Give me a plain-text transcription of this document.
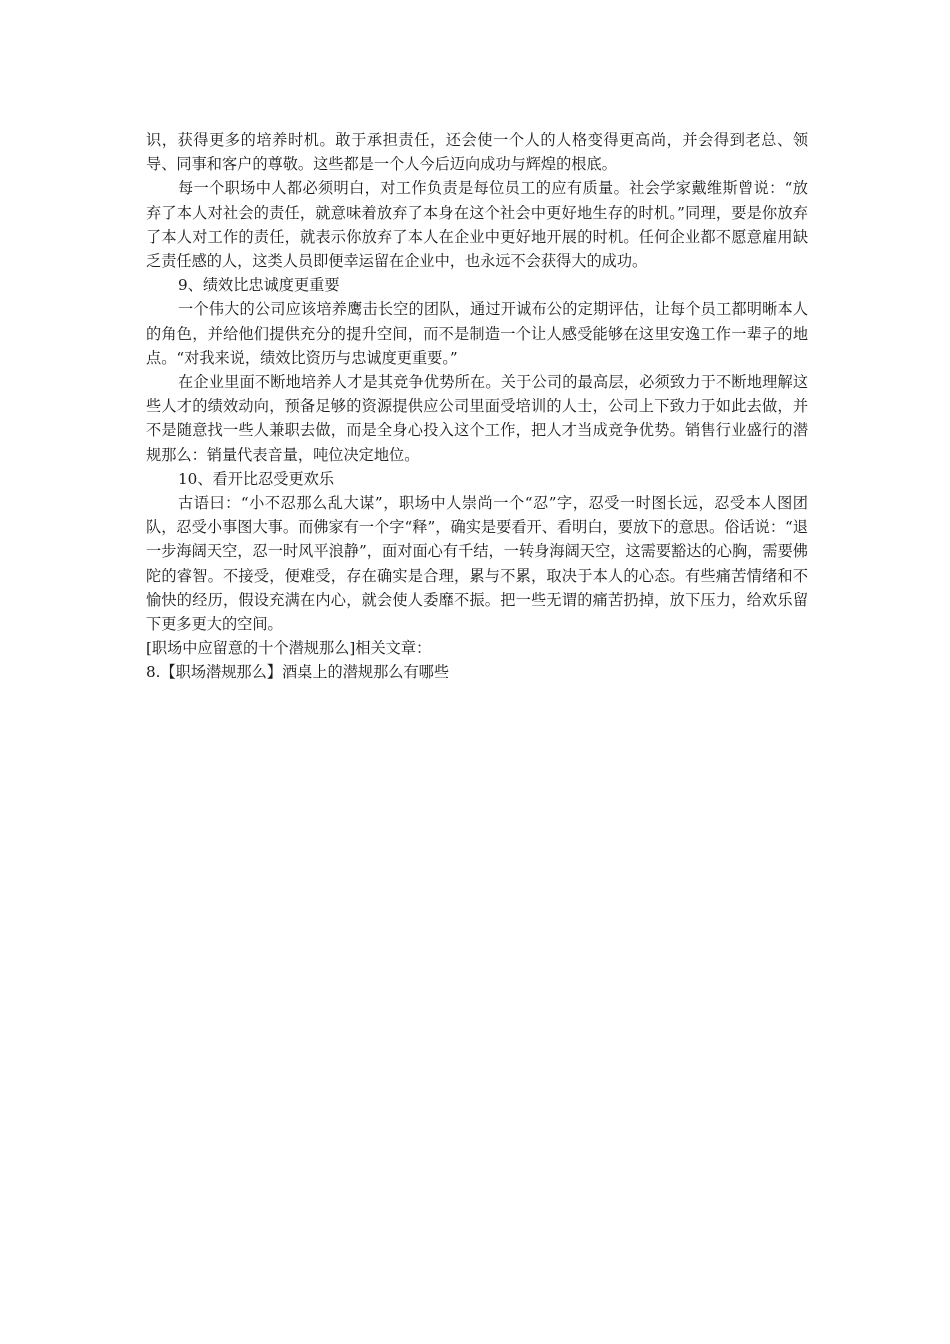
识，获得更多的培养时机。敢于承担责任，还会使一个人的人格变得更高尚，并会得到老总、领导、同事和客户的尊敬。这些都是一个人今后迈向成功与辉煌的根底。

每一个职场中人都必须明白，对工作负责是每位员工的应有质量。社会学家戴维斯曾说：“放弃了本人对社会的责任，就意味着放弃了本身在这个社会中更好地生存的时机。”同理，要是你放弃了本人对工作的责任，就表示你放弃了本人在企业中更好地开展的时机。任何企业都不愿意雇用缺乏责任感的人，这类人员即便幸运留在企业中，也永远不会获得大的成功。

9、绩效比忠诚度更重要

一个伟大的公司应该培养鹰击长空的团队，通过开诚布公的定期评估，让每个员工都明晰本人的角色，并给他们提供充分的提升空间，而不是制造一个让人感受能够在这里安逸工作一辈子的地点。“对我来说，绩效比资历与忠诚度更重要。”

在企业里面不断地培养人才是其竞争优势所在。关于公司的最高层，必须致力于不断地理解这些人才的绩效动向，预备足够的资源提供应公司里面受培训的人士，公司上下致力于如此去做，并不是随意找一些人兼职去做，而是全身心投入这个工作，把人才当成竞争优势。销售行业盛行的潜规那么：销量代表音量，吨位决定地位。

10、看开比忍受更欢乐

古语曰：“小不忍那么乱大谋”，职场中人崇尚一个“忍”字，忍受一时图长远，忍受本人图团队，忍受小事图大事。而佛家有一个字“释”，确实是要看开、看明白，要放下的意思。俗话说：“退一步海阔天空，忍一时风平浪静”，面对面心有千结，一转身海阔天空，这需要豁达的心胸，需要佛陀的睿智。不接受，便难受，存在确实是合理，累与不累，取决于本人的心态。有些痛苦情绪和不愉快的经历，假设充满在内心，就会使人委靡不振。把一些无谓的痛苦扔掉，放下压力，给欢乐留下更多更大的空间。

[职场中应留意的十个潜规那么]相关文章：

8.【职场潜规那么】酒桌上的潜规那么有哪些
